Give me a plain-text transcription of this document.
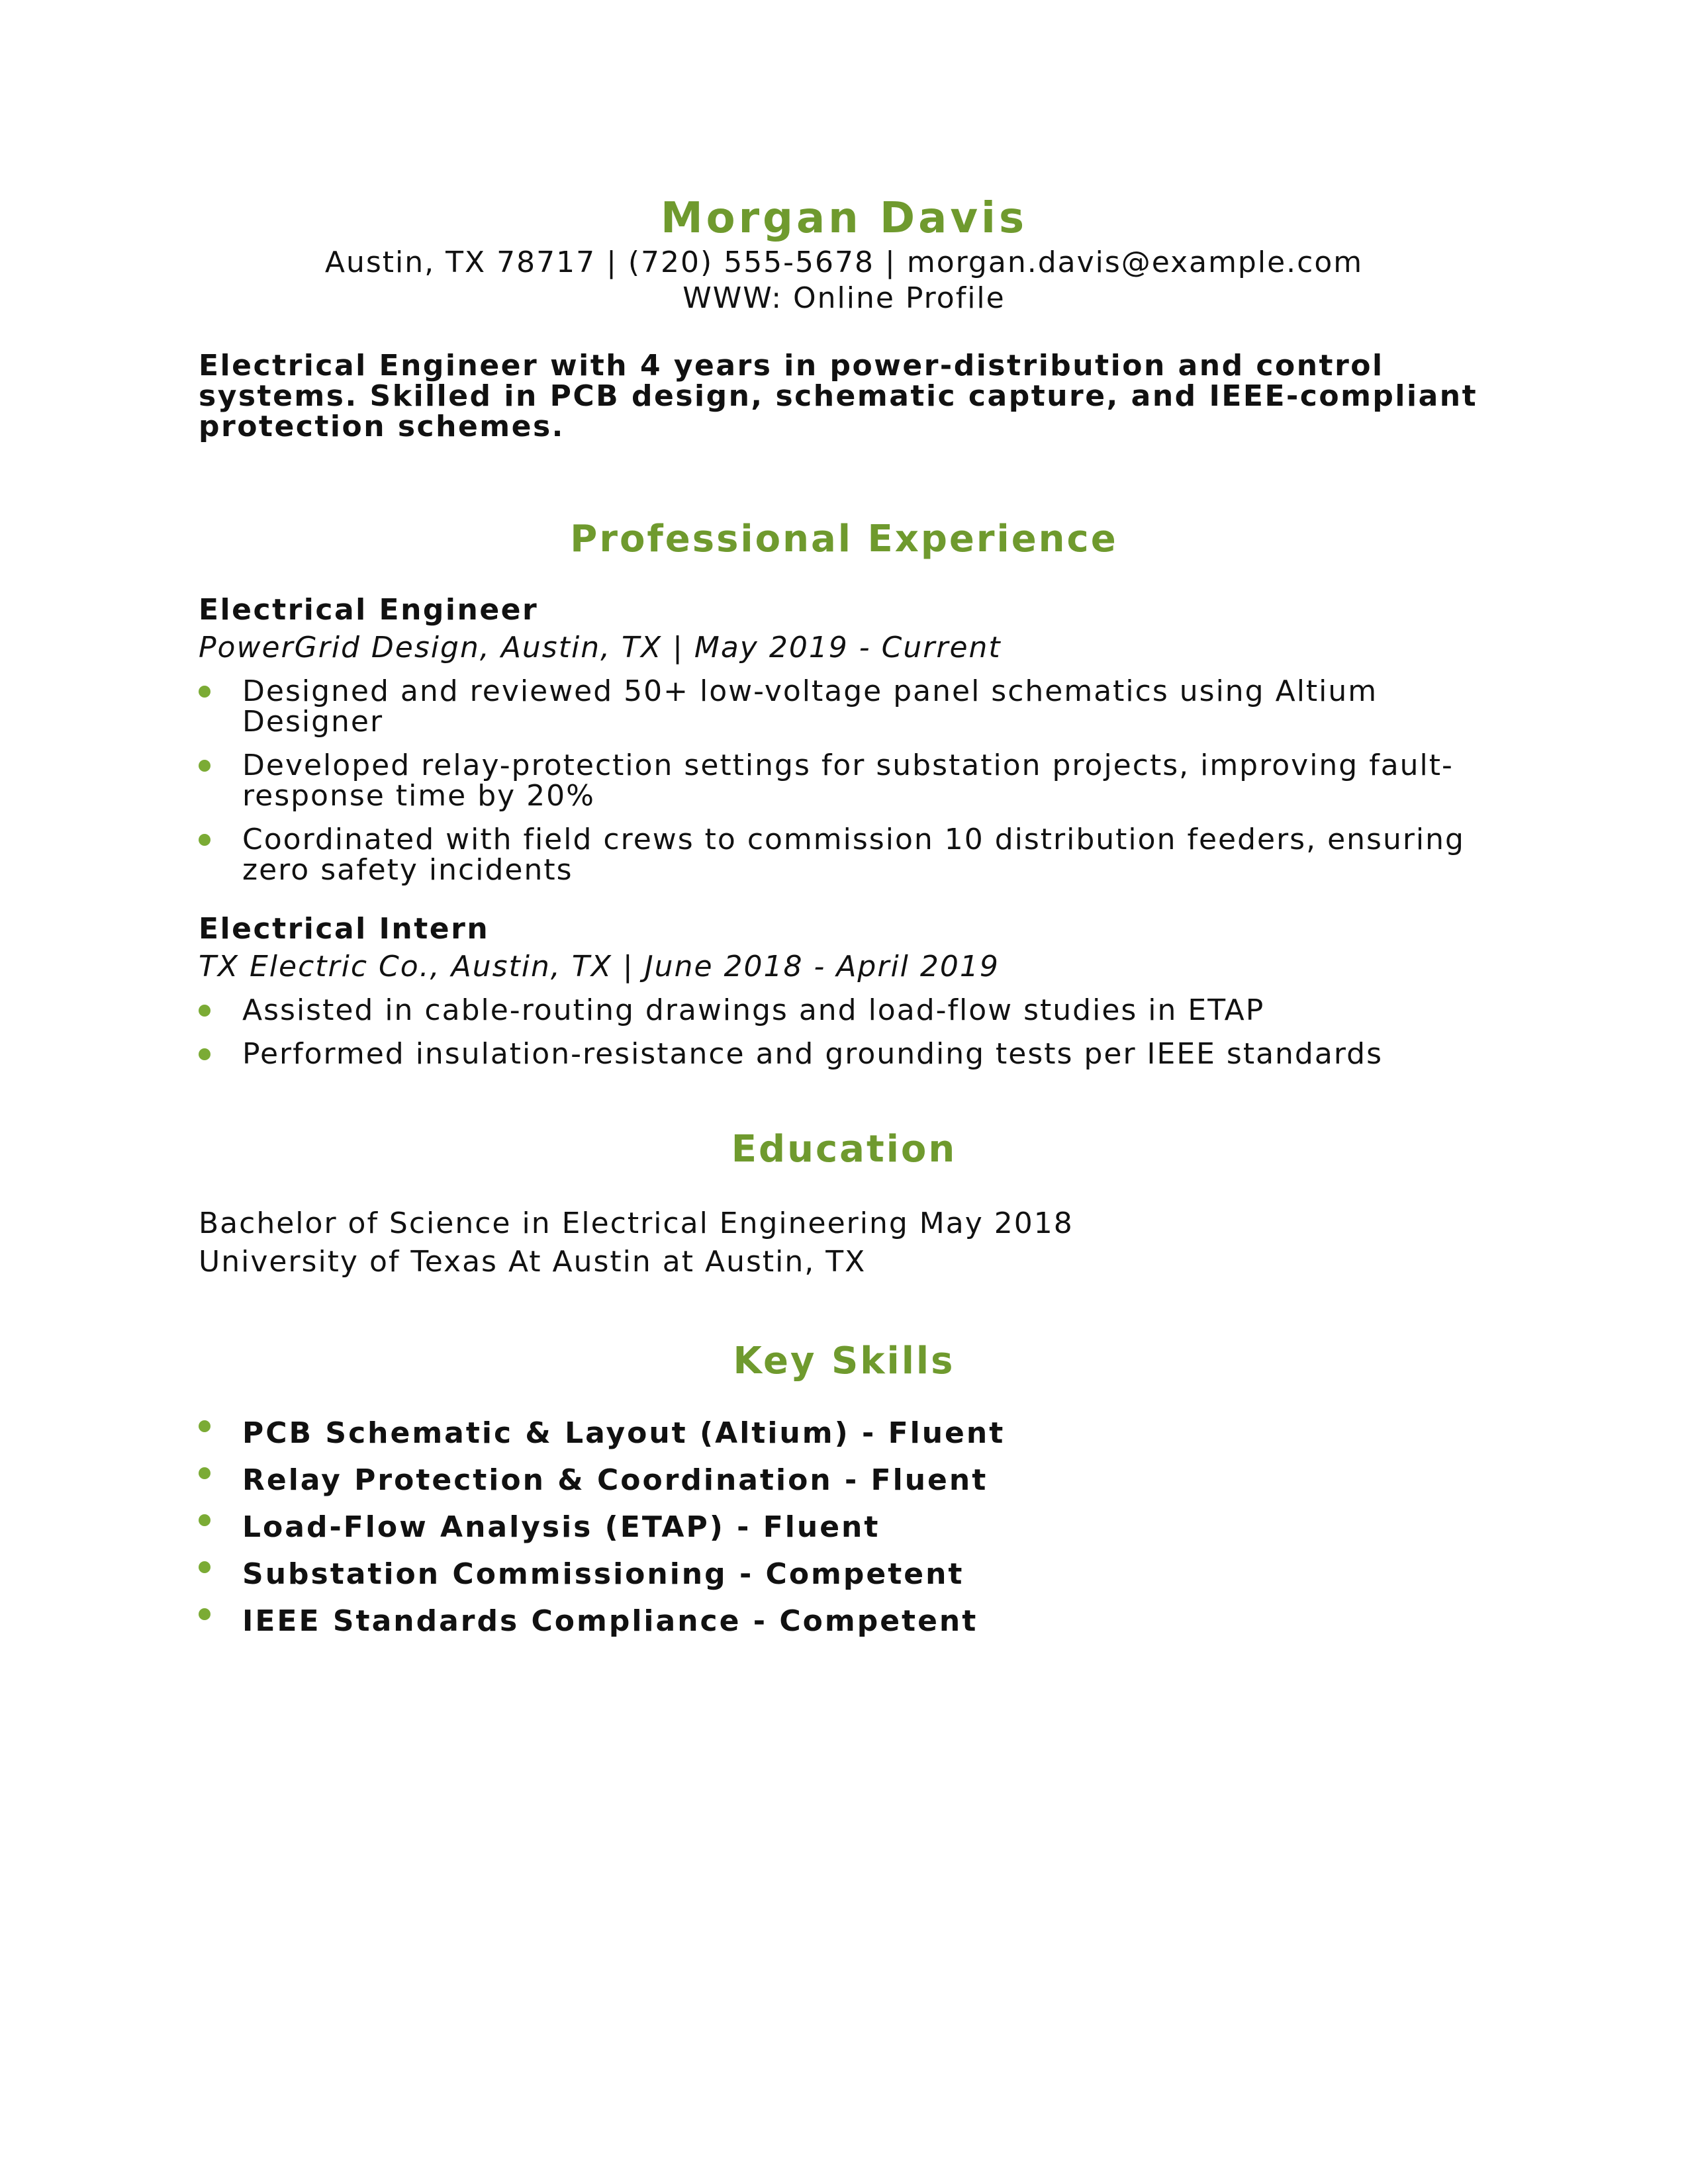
Morgan Davis

Austin, TX 78717 | (720) 555-5678 | morgan.davis@example.com

WWW: Online Profile

Electrical Engineer with 4 years in power-distribution and control systems. Skilled in PCB design, schematic capture, and IEEE-compliant protection schemes.
Professional Experience
Electrical Engineer
PowerGrid Design, Austin, TX | May 2019 - Current
Designed and reviewed 50+ low-voltage panel schematics using Altium Designer
Developed relay-protection settings for substation projects, improving fault-response time by 20%
Coordinated with field crews to commission 10 distribution feeders, ensuring zero safety incidents
Electrical Intern
TX Electric Co., Austin, TX | June 2018 - April 2019
Assisted in cable-routing drawings and load-flow studies in ETAP
Performed insulation-resistance and grounding tests per IEEE standards
Education
Bachelor of Science in Electrical Engineering May 2018
University of Texas At Austin at Austin, TX
Key Skills
PCB Schematic & Layout (Altium) - Fluent
Relay Protection & Coordination - Fluent
Load-Flow Analysis (ETAP) - Fluent
Substation Commissioning - Competent
IEEE Standards Compliance - Competent
